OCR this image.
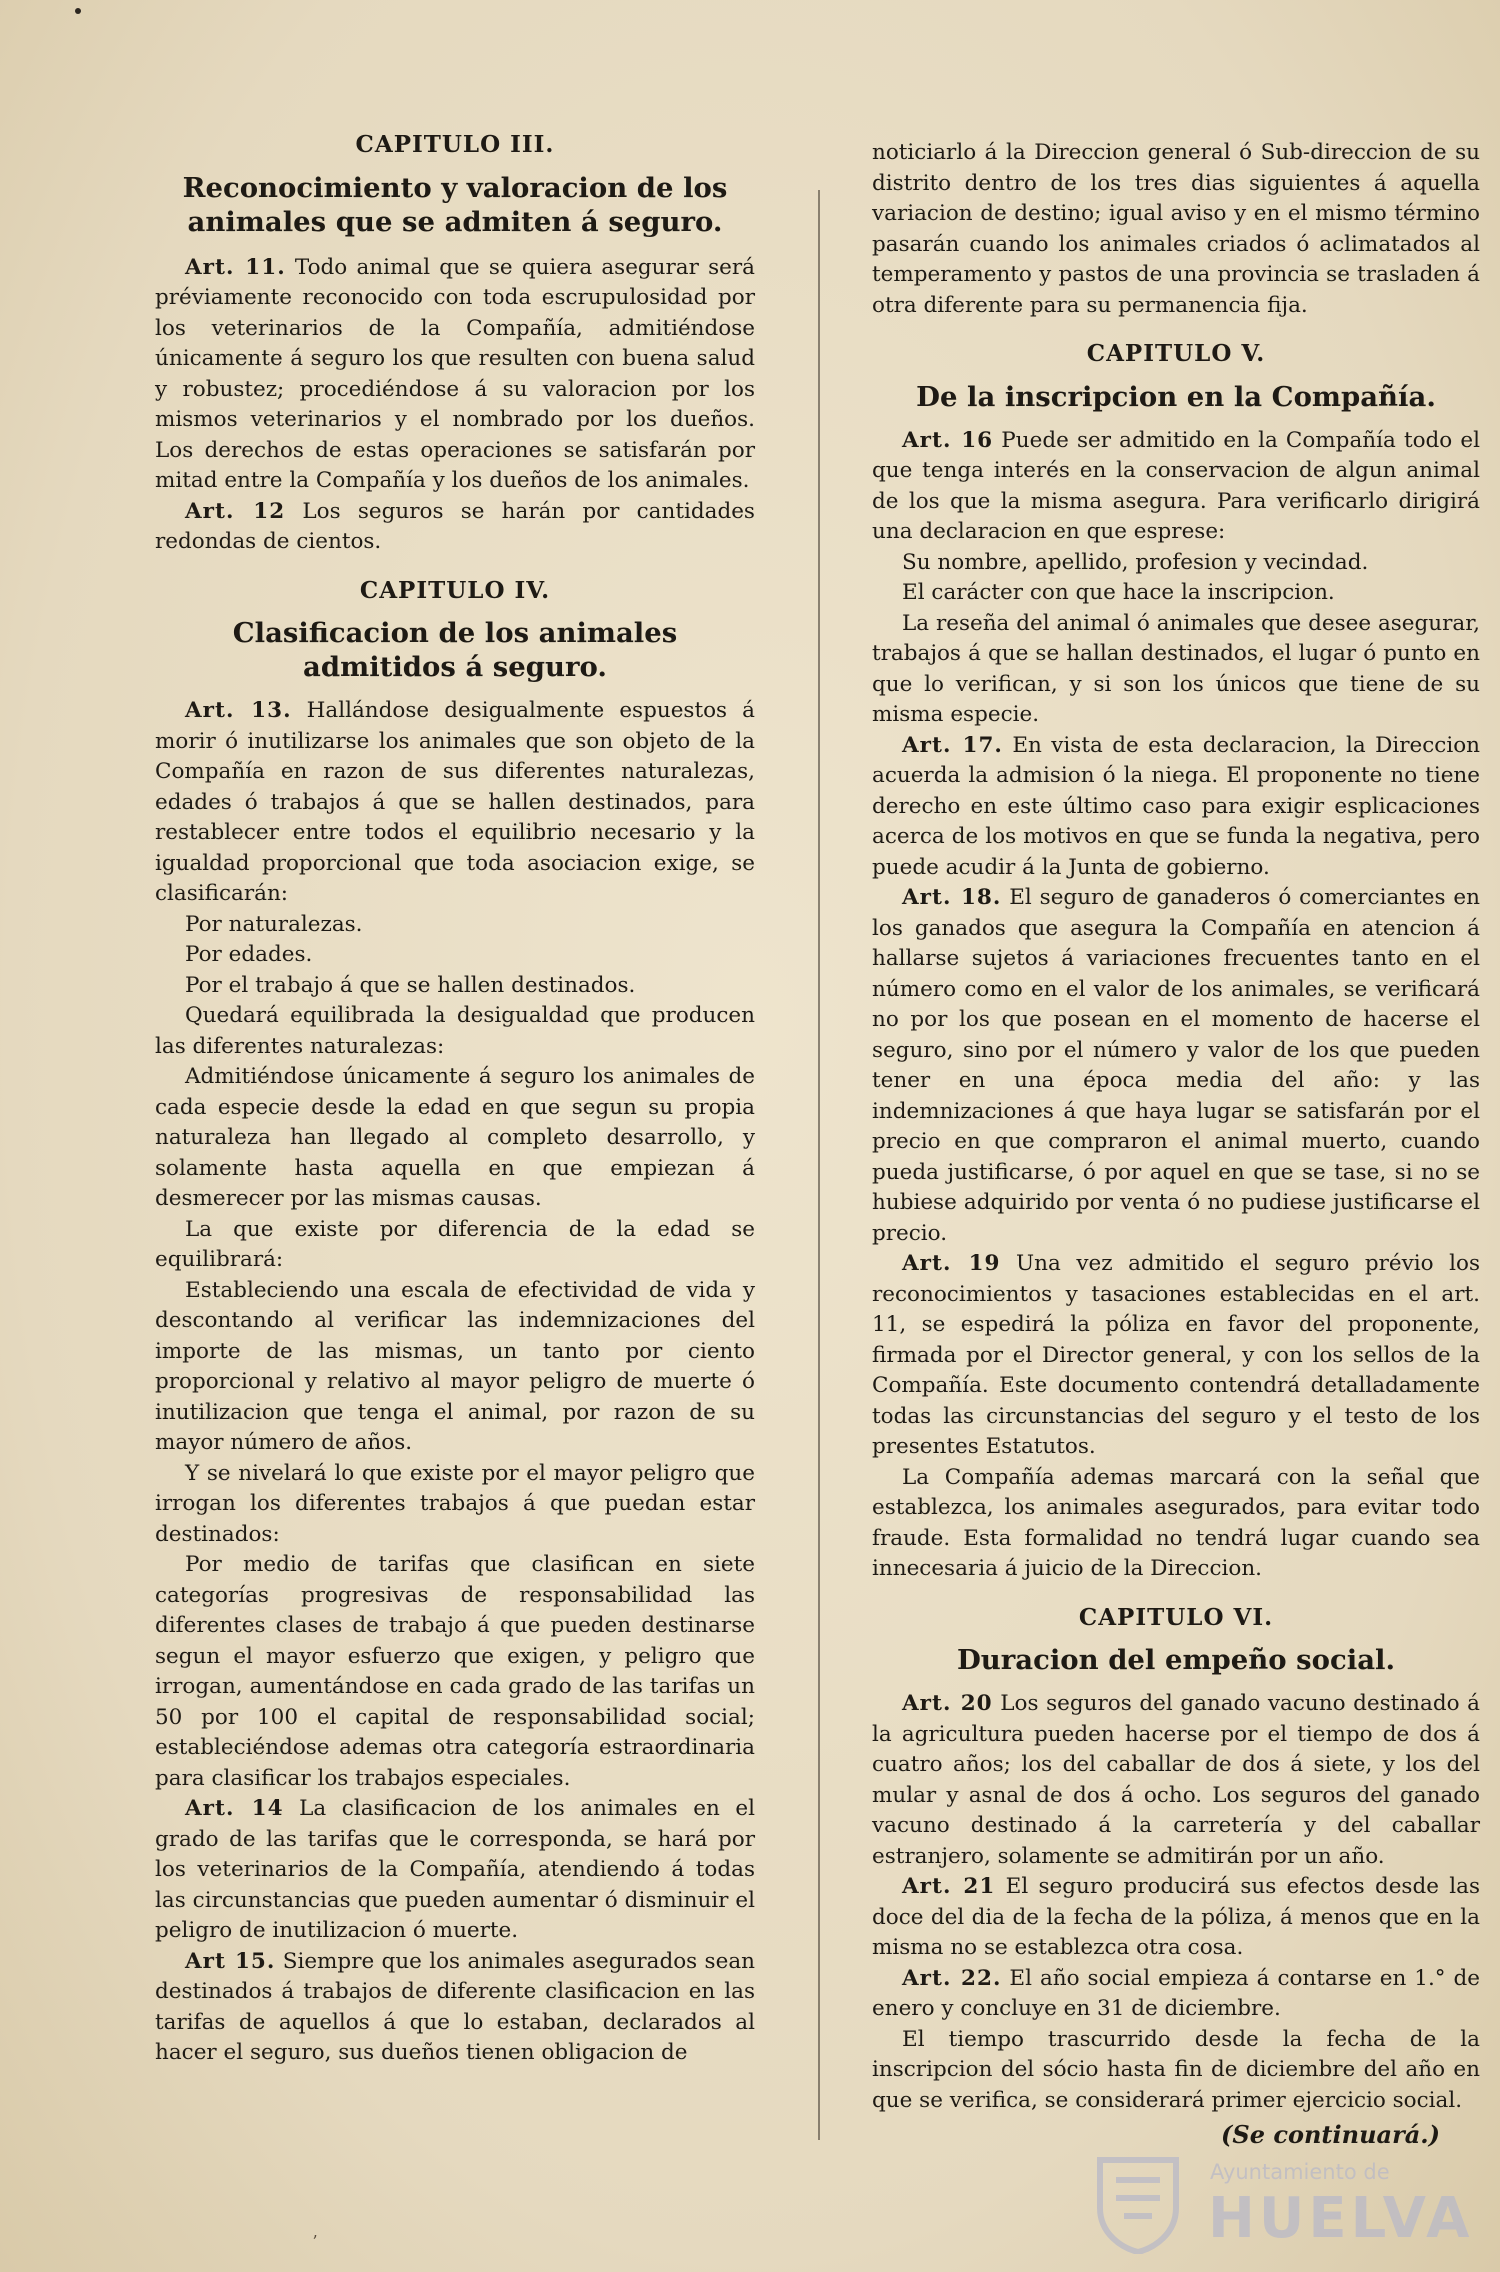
CAPITULO III.

Reconocimiento y valoracion de los animales que se admiten á seguro.

Art. 11. Todo animal que se quiera asegurar será préviamente reconocido con toda escrupulosidad por los veterinarios de la Compañía, admitiéndose únicamente á seguro los que resulten con buena salud y robustez; procediéndose á su valoracion por los mismos veterinarios y el nombrado por los dueños. Los derechos de estas operaciones se satisfarán por mitad entre la Compañía y los dueños de los animales.

Art. 12 Los seguros se harán por cantidades redondas de cientos.

CAPITULO IV.

Clasificacion de los animales admitidos á seguro.

Art. 13. Hallándose desigualmente espuestos á morir ó inutilizarse los animales que son objeto de la Compañía en razon de sus diferentes naturalezas, edades ó trabajos á que se hallen destinados, para restablecer entre todos el equilibrio necesario y la igualdad proporcional que toda asociacion exige, se clasificarán:

Por naturalezas.

Por edades.

Por el trabajo á que se hallen destinados.

Quedará equilibrada la desigualdad que producen las diferentes naturalezas:

Admitiéndose únicamente á seguro los animales de cada especie desde la edad en que segun su propia naturaleza han llegado al completo desarrollo, y solamente hasta aquella en que empiezan á desmerecer por las mismas causas.

La que existe por diferencia de la edad se equilibrará:

Estableciendo una escala de efectividad de vida y descontando al verificar las indemnizaciones del importe de las mismas, un tanto por ciento proporcional y relativo al mayor peligro de muerte ó inutilizacion que tenga el animal, por razon de su mayor número de años.

Y se nivelará lo que existe por el mayor peligro que irrogan los diferentes trabajos á que puedan estar destinados:

Por medio de tarifas que clasifican en siete categorías progresivas de responsabilidad las diferentes clases de trabajo á que pueden destinarse segun el mayor esfuerzo que exigen, y peligro que irrogan, aumentándose en cada grado de las tarifas un 50 por 100 el capital de responsabilidad social; estableciéndose ademas otra categoría estraordinaria para clasificar los trabajos especiales.

Art. 14 La clasificacion de los animales en el grado de las tarifas que le corresponda, se hará por los veterinarios de la Compañía, atendiendo á todas las circunstancias que pueden aumentar ó disminuir el peligro de inutilizacion ó muerte.

Art 15. Siempre que los animales asegurados sean destinados á trabajos de diferente clasificacion en las tarifas de aquellos á que lo estaban, declarados al hacer el seguro, sus dueños tienen obligacion de

noticiarlo á la Direccion general ó Sub-direccion de su distrito dentro de los tres dias siguientes á aquella variacion de destino; igual aviso y en el mismo término pasarán cuando los animales criados ó aclimatados al temperamento y pastos de una provincia se trasladen á otra diferente para su permanencia fija.

CAPITULO V.

De la inscripcion en la Compañía.

Art. 16 Puede ser admitido en la Compañía todo el que tenga interés en la conservacion de algun animal de los que la misma asegura. Para verificarlo dirigirá una declaracion en que esprese:

Su nombre, apellido, profesion y vecindad.

El carácter con que hace la inscripcion.

La reseña del animal ó animales que desee asegurar, trabajos á que se hallan destinados, el lugar ó punto en que lo verifican, y si son los únicos que tiene de su misma especie.

Art. 17. En vista de esta declaracion, la Direccion acuerda la admision ó la niega. El proponente no tiene derecho en este último caso para exigir esplicaciones acerca de los motivos en que se funda la negativa, pero puede acudir á la Junta de gobierno.

Art. 18. El seguro de ganaderos ó comerciantes en los ganados que asegura la Compañía en atencion á hallarse sujetos á variaciones frecuentes tanto en el número como en el valor de los animales, se verificará no por los que posean en el momento de hacerse el seguro, sino por el número y valor de los que pueden tener en una época media del año: y las indemnizaciones á que haya lugar se satisfarán por el precio en que compraron el animal muerto, cuando pueda justificarse, ó por aquel en que se tase, si no se hubiese adquirido por venta ó no pudiese justificarse el precio.

Art. 19 Una vez admitido el seguro prévio los reconocimientos y tasaciones establecidas en el art. 11, se espedirá la póliza en favor del proponente, firmada por el Director general, y con los sellos de la Compañía. Este documento contendrá detalladamente todas las circunstancias del seguro y el testo de los presentes Estatutos.

La Compañía ademas marcará con la señal que establezca, los animales asegurados, para evitar todo fraude. Esta formalidad no tendrá lugar cuando sea innecesaria á juicio de la Direccion.

CAPITULO VI.

Duracion del empeño social.

Art. 20 Los seguros del ganado vacuno destinado á la agricultura pueden hacerse por el tiempo de dos á cuatro años; los del caballar de dos á siete, y los del mular y asnal de dos á ocho. Los seguros del ganado vacuno destinado á la carretería y del caballar estranjero, solamente se admitirán por un año.

Art. 21 El seguro producirá sus efectos desde las doce del dia de la fecha de la póliza, á menos que en la misma no se establezca otra cosa.

Art. 22. El año social empieza á contarse en 1.° de enero y concluye en 31 de diciembre.

El tiempo trascurrido desde la fecha de la inscripcion del sócio hasta fin de diciembre del año en que se verifica, se considerará primer ejercicio social.

(Se continuará.)

ʼ
Ayuntamiento de
HUELVA
